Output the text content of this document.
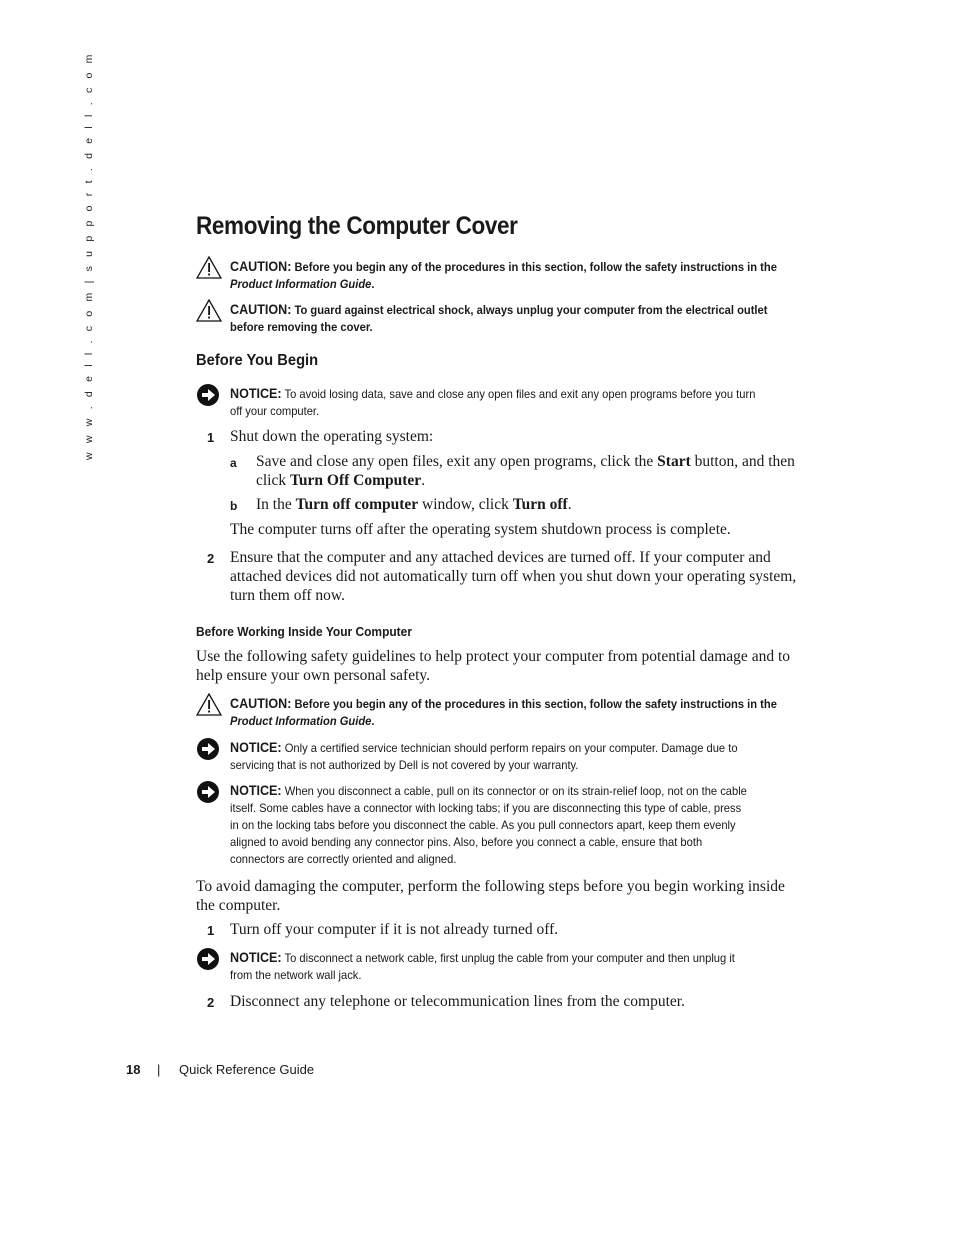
w w w . d e l l . c o m | s u p p o r t . d e l l . c o m	Removing the Computer Cover
CAUTION: Before you begin any of the procedures in this section, follow the safety instructions in the
Product Information Guide.
CAUTION: To guard against electrical shock, always unplug your computer from the electrical outlet
before removing the cover.
Before You Begin
NOTICE: To avoid losing data, save and close any open files and exit any open programs before you turn
off your computer.
1 Shut down the operating system:
a Save and close any open files, exit any open programs, click the Start button, and then
click Turn Off Computer.
b In the Turn off computer window, click Turn off.
The computer turns off after the operating system shutdown process is complete.
2 Ensure that the computer and any attached devices are turned off. If your computer and
attached devices did not automatically turn off when you shut down your operating system,
turn them off now.
Before Working Inside Your Computer
Use the following safety guidelines to help protect your computer from potential damage and to
help ensure your own personal safety.
CAUTION: Before you begin any of the procedures in this section, follow the safety instructions in the
Product Information Guide.
NOTICE: Only a certified service technician should perform repairs on your computer. Damage due to
servicing that is not authorized by Dell is not covered by your warranty.
NOTICE: When you disconnect a cable, pull on its connector or on its strain-relief loop, not on the cable
itself. Some cables have a connector with locking tabs; if you are disconnecting this type of cable, press
in on the locking tabs before you disconnect the cable. As you pull connectors apart, keep them evenly
aligned to avoid bending any connector pins. Also, before you connect a cable, ensure that both
connectors are correctly oriented and aligned.
To avoid damaging the computer, perform the following steps before you begin working inside
the computer.
1 Turn off your computer if it is not already turned off.
NOTICE: To disconnect a network cable, first unplug the cable from your computer and then unplug it
from the network wall jack.
2 Disconnect any telephone or telecommunication lines from the computer.
18 | Quick Reference Guide
